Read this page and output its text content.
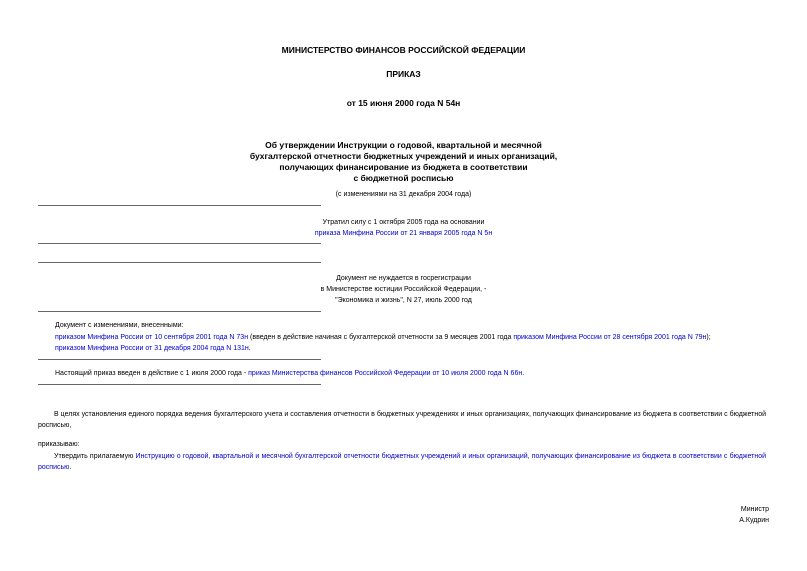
МИНИСТЕРСТВО ФИНАНСОВ РОССИЙСКОЙ ФЕДЕРАЦИИ
ПРИКАЗ
от 15 июня 2000 года N 54н
Об утверждении Инструкции о годовой, квартальной и месячной
бухгалтерской отчетности бюджетных учреждений и иных организаций,
получающих финансирование из бюджета в соответствии
с бюджетной росписью
(с изменениями на 31 декабря 2004 года)
Утратил силу с 1 октября 2005 года на основании
приказа Минфина России от 21 января 2005 года N 5н
Документ не нуждается в госрегистрации
в Министерстве юстиции Российской Федерации, -
"Экономика и жизнь", N 27, июль 2000 год
Документ с изменениями, внесенными:
приказом Минфина России от 10 сентября 2001 года N 73н (введен в действие начиная с бухгалтерской отчетности за 9 месяцев 2001 года приказом Минфина России от 28 сентября 2001 года N 79н);
приказом Минфина России от 31 декабря 2004 года N 131н.
Настоящий приказ введен в действие с 1 июля 2000 года - приказ Министерства финансов Российской Федерации от 10 июля 2000 года N 66н.
В целях установления единого порядка ведения бухгалтерского учета и составления отчетности в бюджетных учреждениях и иных организациях, получающих финансирование из бюджета в соответствии с бюджетной росписью,
приказываю:
Утвердить прилагаемую Инструкцию о годовой, квартальной и месячной бухгалтерской отчетности бюджетных учреждений и иных организаций, получающих финансирование из бюджета в соответствии с бюджетной росписью.
Министр
А.Кудрин
